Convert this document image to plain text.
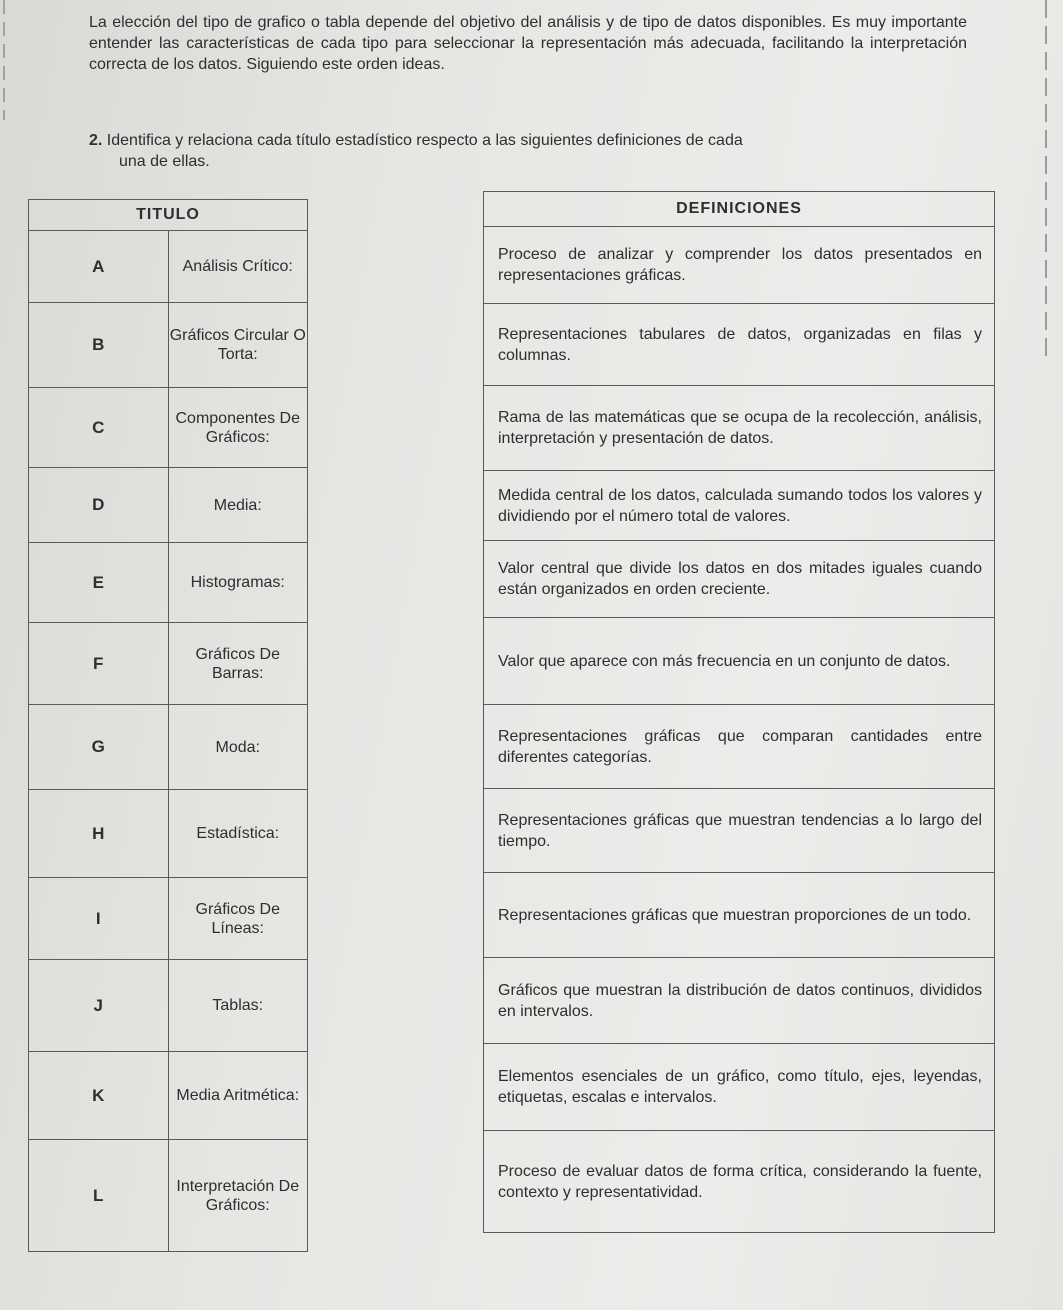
La elección del tipo de grafico o tabla depende del objetivo del análisis y de tipo de datos disponibles. Es muy importante entender las características de cada tipo para seleccionar la representación más adecuada, facilitando la interpretación correcta de los datos. Siguiendo este orden ideas.

2. Identifica y relaciona cada título estadístico respecto a las siguientes definiciones de cada
una de ellas.

TITULO	
A	Análisis Crítico:
B	Gráficos Circular O Torta:
C	Componentes De Gráficos:
D	Media:
E	Histogramas:
F	Gráficos De Barras:
G	Moda:
H	Estadística:
I	Gráficos De Líneas:
J	Tablas:
K	Media Aritmética:
L	Interpretación De Gráficos:
DEFINICIONES
Proceso de analizar y comprender los datos presentados en representaciones gráficas.
Representaciones tabulares de datos, organizadas en filas y columnas.
Rama de las matemáticas que se ocupa de la recolección, análisis, interpretación y presentación de datos.
Medida central de los datos, calculada sumando todos los valores y dividiendo por el número total de valores.
Valor central que divide los datos en dos mitades iguales cuando están organizados en orden creciente.
Valor que aparece con más frecuencia en un conjunto de datos.
Representaciones gráficas que comparan cantidades entre diferentes categorías.
Representaciones gráficas que muestran tendencias a lo largo del tiempo.
Representaciones gráficas que muestran proporciones de un todo.
Gráficos que muestran la distribución de datos continuos, divididos en intervalos.
Elementos esenciales de un gráfico, como título, ejes, leyendas, etiquetas, escalas e intervalos.
Proceso de evaluar datos de forma crítica, considerando la fuente, contexto y representatividad.
